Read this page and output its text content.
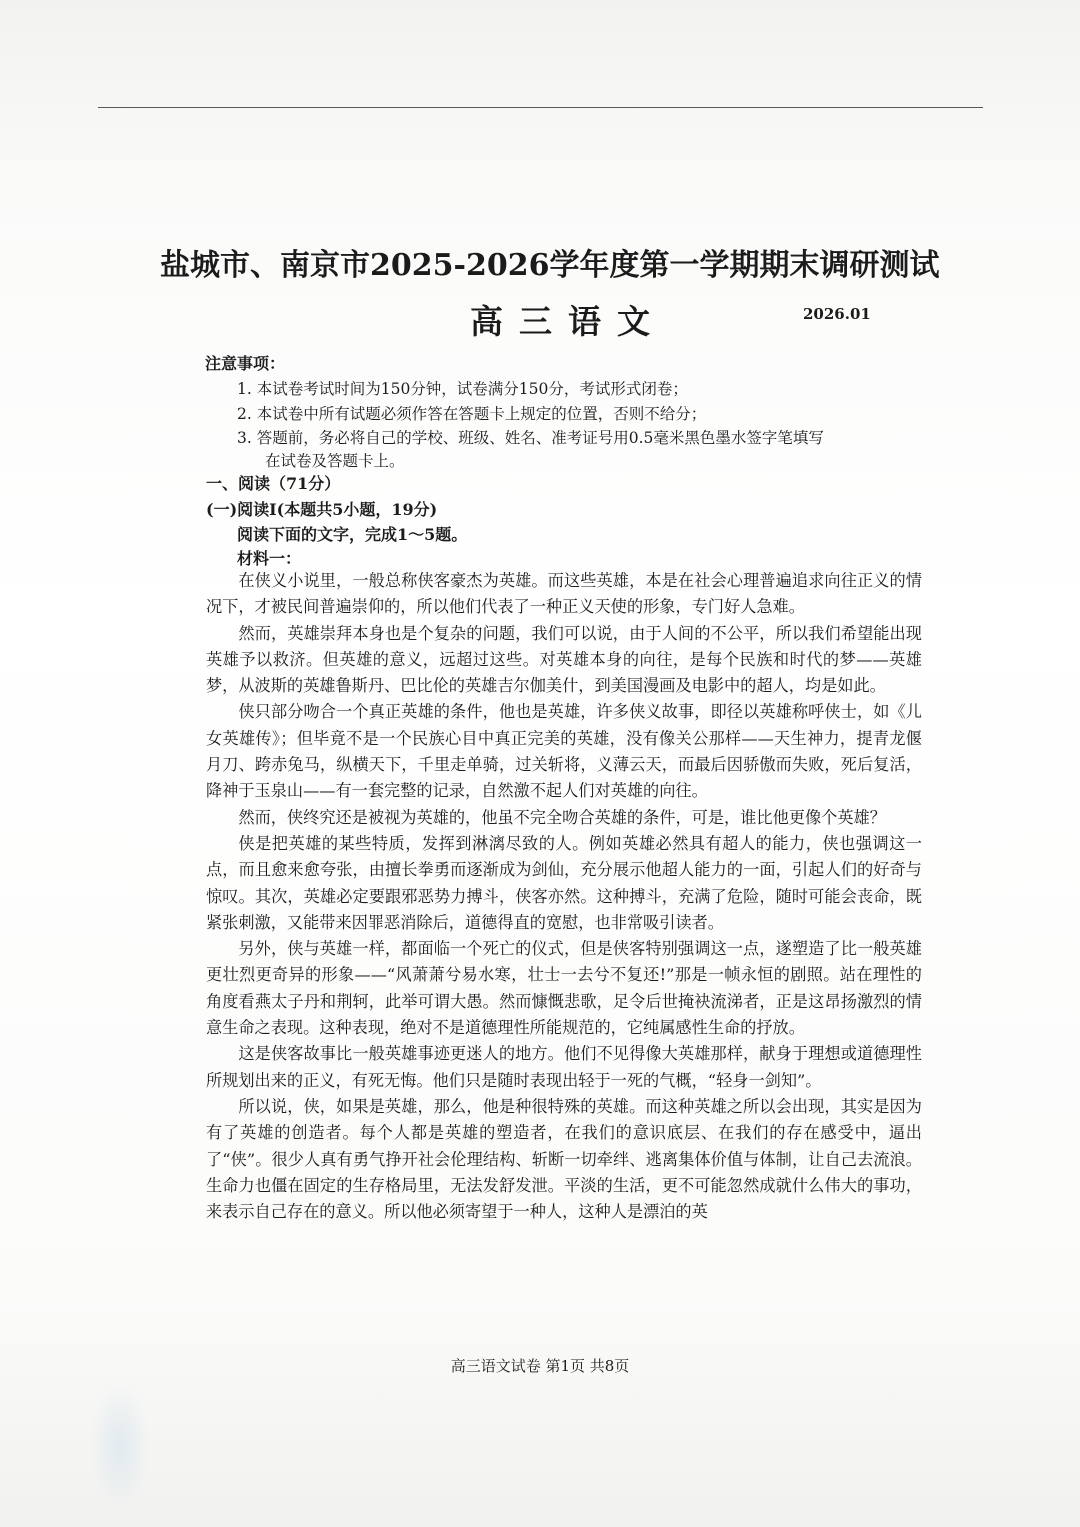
盐城市、南京市2025-2026学年度第一学期期末调研测试
高三语文	2026.01
注意事项：
1. 本试卷考试时间为150分钟，试卷满分150分，考试形式闭卷；
2. 本试卷中所有试题必须作答在答题卡上规定的位置，否则不给分；
3. 答题前，务必将自己的学校、班级、姓名、准考证号用0.5毫米黑色墨水签字笔填写
在试卷及答题卡上。
一、阅读（71分）
(一)阅读Ⅰ(本题共5小题，19分)
阅读下面的文字，完成1～5题。
材料一：

在侠义小说里，一般总称侠客豪杰为英雄。而这些英雄，本是在社会心理普遍追求向往正义的情况下，才被民间普遍崇仰的，所以他们代表了一种正义天使的形象，专门好人急难。

然而，英雄崇拜本身也是个复杂的问题，我们可以说，由于人间的不公平，所以我们希望能出现英雄予以救济。但英雄的意义，远超过这些。对英雄本身的向往，是每个民族和时代的梦——英雄梦，从波斯的英雄鲁斯丹、巴比伦的英雄吉尔伽美什，到美国漫画及电影中的超人，均是如此。

侠只部分吻合一个真正英雄的条件，他也是英雄，许多侠义故事，即径以英雄称呼侠士，如《儿女英雄传》；但毕竟不是一个民族心目中真正完美的英雄，没有像关公那样——天生神力，提青龙偃月刀、跨赤兔马，纵横天下，千里走单骑，过关斩将，义薄云天，而最后因骄傲而失败，死后复活，降神于玉泉山——有一套完整的记录，自然激不起人们对英雄的向往。

然而，侠终究还是被视为英雄的，他虽不完全吻合英雄的条件，可是，谁比他更像个英雄？

侠是把英雄的某些特质，发挥到淋漓尽致的人。例如英雄必然具有超人的能力，侠也强调这一点，而且愈来愈夸张，由擅长拳勇而逐渐成为剑仙，充分展示他超人能力的一面，引起人们的好奇与惊叹。其次，英雄必定要跟邪恶势力搏斗，侠客亦然。这种搏斗，充满了危险，随时可能会丧命，既紧张刺激，又能带来因罪恶消除后，道德得直的宽慰，也非常吸引读者。

另外，侠与英雄一样，都面临一个死亡的仪式，但是侠客特别强调这一点，遂塑造了比一般英雄更壮烈更奇异的形象——“风萧萧兮易水寒，壮士一去兮不复还!”那是一帧永恒的剧照。站在理性的角度看燕太子丹和荆轲，此举可谓大愚。然而慷慨悲歌，足令后世掩袂流涕者，正是这昂扬激烈的情意生命之表现。这种表现，绝对不是道德理性所能规范的，它纯属感性生命的抒放。

这是侠客故事比一般英雄事迹更迷人的地方。他们不见得像大英雄那样，献身于理想或道德理性所规划出来的正义，有死无悔。他们只是随时表现出轻于一死的气概，“轻身一剑知”。

所以说，侠，如果是英雄，那么，他是种很特殊的英雄。而这种英雄之所以会出现，其实是因为有了英雄的创造者。每个人都是英雄的塑造者，在我们的意识底层、在我们的存在感受中，逼出了“侠”。很少人真有勇气挣开社会伦理结构、斩断一切牵绊、逃离集体价值与体制，让自己去流浪。生命力也僵在固定的生存格局里，无法发舒发泄。平淡的生活，更不可能忽然成就什么伟大的事功，来表示自己存在的意义。所以他必须寄望于一种人，这种人是漂泊的英

高三语文试卷 第1页 共8页
